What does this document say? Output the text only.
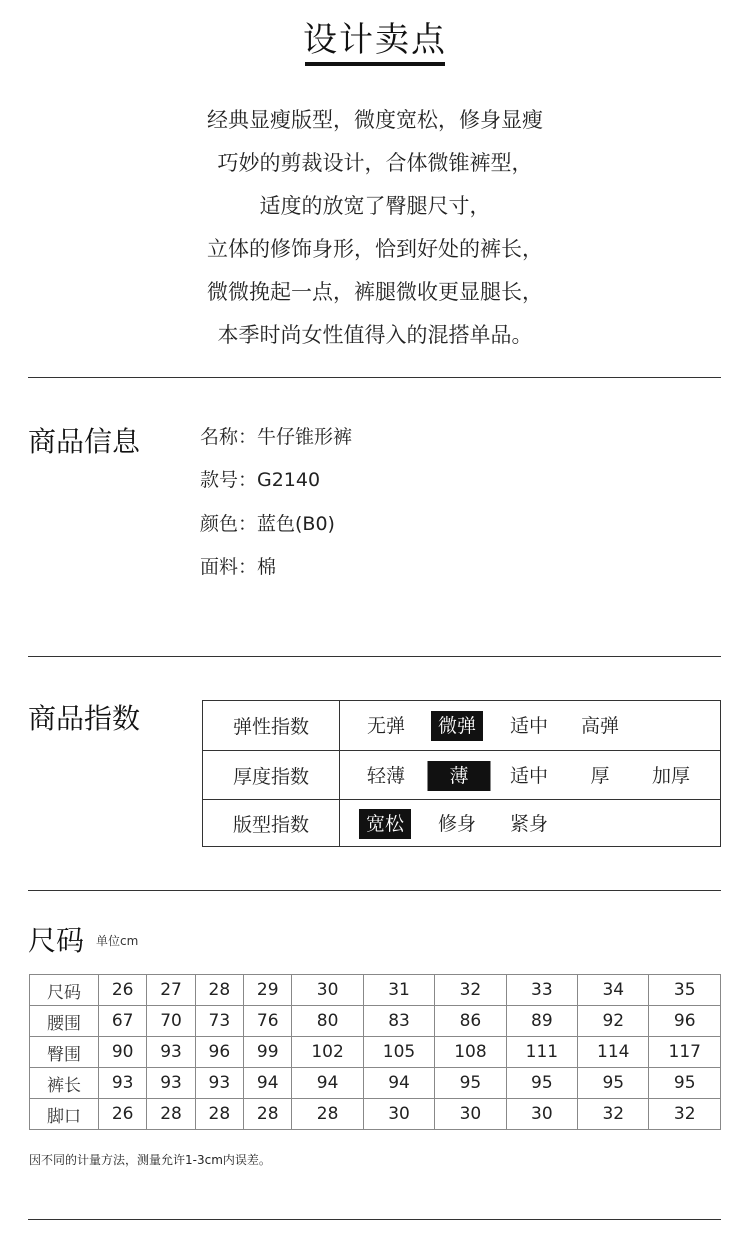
设计卖点
经典显瘦版型，微度宽松，修身显瘦
巧妙的剪裁设计，合体微锥裤型，
适度的放宽了臀腿尺寸，
立体的修饰身形，恰到好处的裤长，
微微挽起一点，裤腿微收更显腿长，
本季时尚女性值得入的混搭单品。
商品信息	名称：牛仔锥形裤
款号：G2140
颜色：蓝色(B0)
面料：棉
商品指数	弹性指数	无弹	微弹	适中	高弹
厚度指数	轻薄	薄	适中	厚	加厚
版型指数	宽松	修身	紧身
尺码 单位cm
尺码	26	27	28	29	30	31	32	33	34	35
腰围	67	70	73	76	80	83	86	89	92	96
臀围	90	93	96	99	102	105	108	111	114	117
裤长	93	93	93	94	94	94	95	95	95	95
脚口	26	28	28	28	28	30	30	30	32	32
因不同的计量方法，测量允许1-3cm内误差。
